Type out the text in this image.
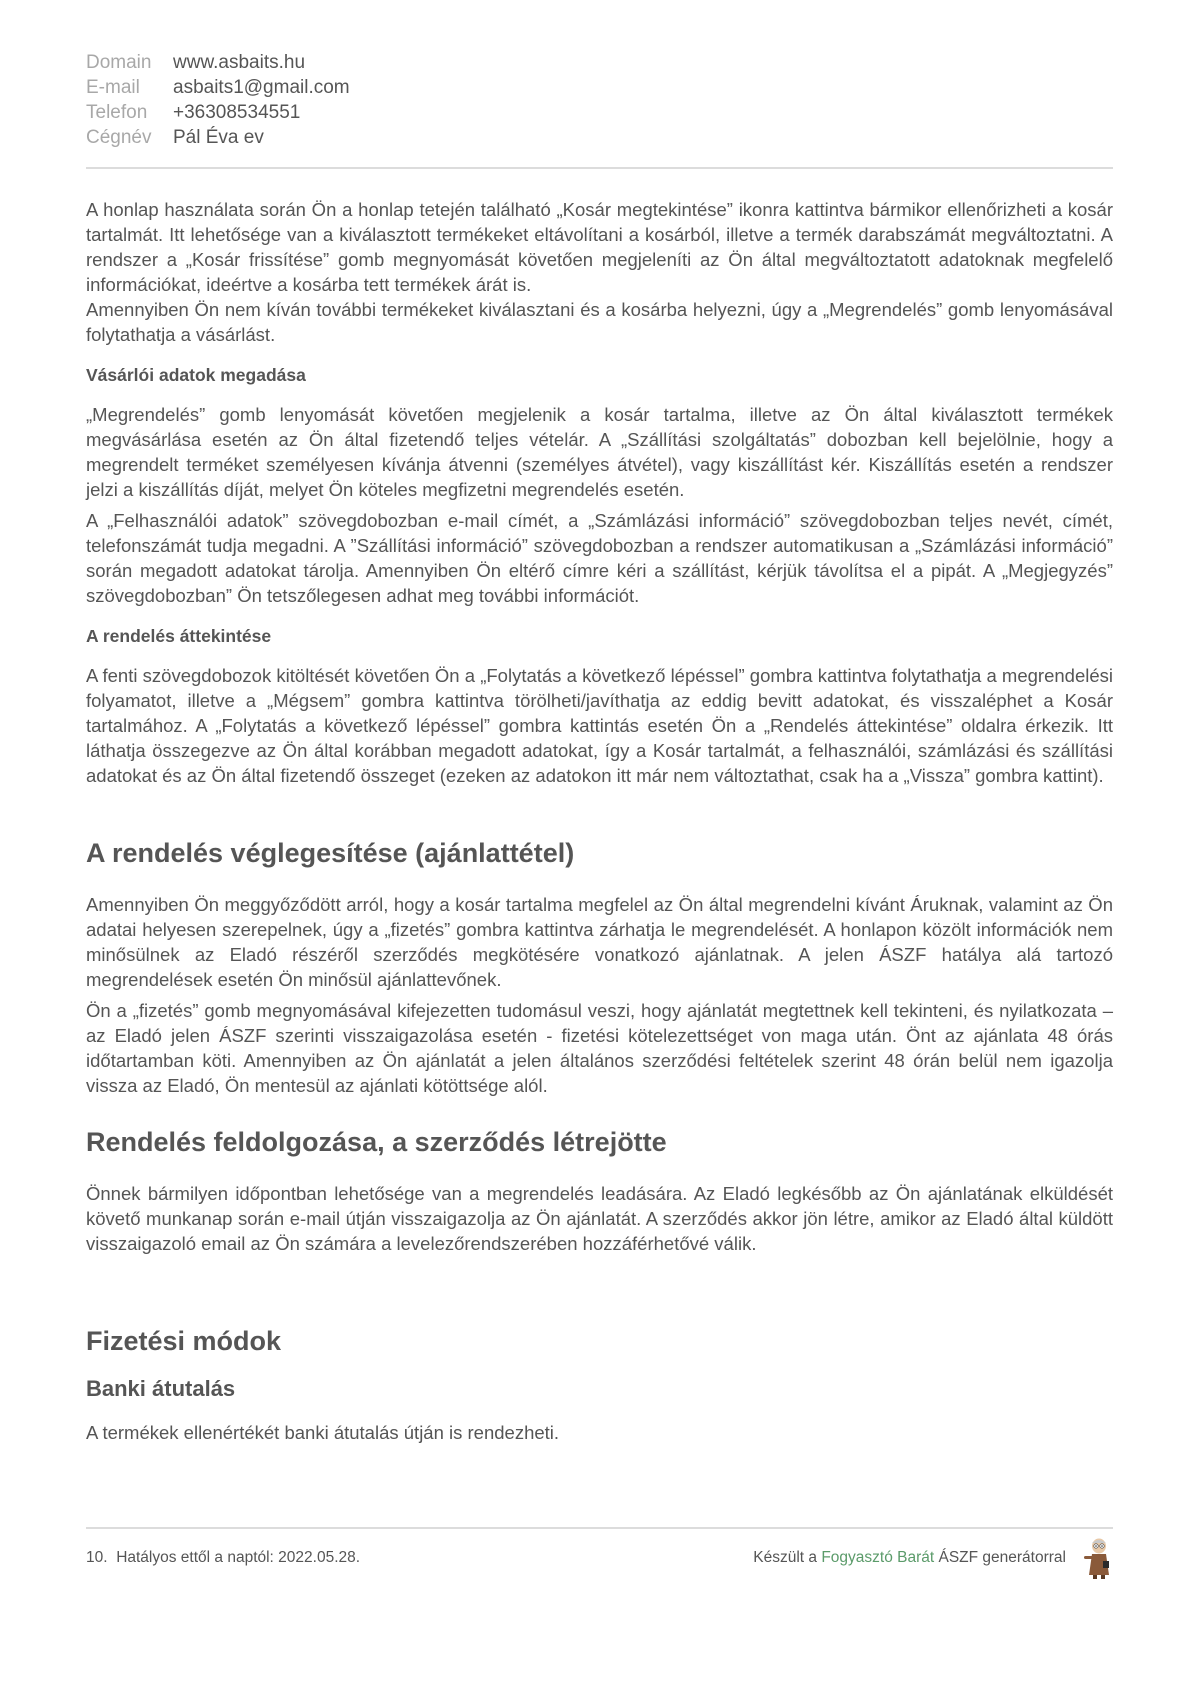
Domain	www.asbaits.hu
E-mail	asbaits1@gmail.com
Telefon	+36308534551
Cégnév	Pál Éva ev

A honlap használata során Ön a honlap tetején található „Kosár megtekintése” ikonra kattintva bármikor ellenőrizheti a kosár tartalmát. Itt lehetősége van a kiválasztott termékeket eltávolítani a kosárból, illetve a termék darabszámát megváltoztatni. A rendszer a „Kosár frissítése” gomb megnyomását követően megjeleníti az Ön által megváltoztatott adatoknak megfelelő információkat, ideértve a kosárba tett termékek árát is.

Amennyiben Ön nem kíván további termékeket kiválasztani és a kosárba helyezni, úgy a „Megrendelés” gomb lenyomásával folytathatja a vásárlást.

Vásárlói adatok megadása

„Megrendelés” gomb lenyomását követően megjelenik a kosár tartalma, illetve az Ön által kiválasztott termékek megvásárlása esetén az Ön által fizetendő teljes vételár. A „Szállítási szolgáltatás” dobozban kell bejelölnie, hogy a megrendelt terméket személyesen kívánja átvenni (személyes átvétel), vagy kiszállítást kér. Kiszállítás esetén a rendszer jelzi a kiszállítás díját, melyet Ön köteles megfizetni megrendelés esetén.

A „Felhasználói adatok” szövegdobozban e-mail címét, a „Számlázási információ” szövegdobozban teljes nevét, címét, telefonszámát tudja megadni. A ”Szállítási információ” szövegdobozban a rendszer automatikusan a „Számlázási információ” során megadott adatokat tárolja. Amennyiben Ön eltérő címre kéri a szállítást, kérjük távolítsa el a pipát. A „Megjegyzés” szövegdobozban” Ön tetszőlegesen adhat meg további információt.

A rendelés áttekintése

A fenti szövegdobozok kitöltését követően Ön a „Folytatás a következő lépéssel” gombra kattintva folytathatja a megrendelési folyamatot, illetve a „Mégsem” gombra kattintva törölheti/javíthatja az eddig bevitt adatokat, és visszaléphet a Kosár tartalmához. A „Folytatás a következő lépéssel” gombra kattintás esetén Ön a „Rendelés áttekintése” oldalra érkezik. Itt láthatja összegezve az Ön által korábban megadott adatokat, így a Kosár tartalmát, a felhasználói, számlázási és szállítási adatokat és az Ön által fizetendő összeget (ezeken az adatokon itt már nem változtathat, csak ha a „Vissza” gombra kattint).

A rendelés véglegesítése (ajánlattétel)

Amennyiben Ön meggyőződött arról, hogy a kosár tartalma megfelel az Ön által megrendelni kívánt Áruknak, valamint az Ön adatai helyesen szerepelnek, úgy a „fizetés” gombra kattintva zárhatja le megrendelését. A honlapon közölt információk nem minősülnek az Eladó részéről szerződés megkötésére vonatkozó ajánlatnak. A jelen ÁSZF hatálya alá tartozó megrendelések esetén Ön minősül ajánlattevőnek.

Ön a „fizetés” gomb megnyomásával kifejezetten tudomásul veszi, hogy ajánlatát megtettnek kell tekinteni, és nyilatkozata – az Eladó jelen ÁSZF szerinti visszaigazolása esetén - fizetési kötelezettséget von maga után. Önt az ajánlata 48 órás időtartamban köti. Amennyiben az Ön ajánlatát a jelen általános szerződési feltételek szerint 48 órán belül nem igazolja vissza az Eladó, Ön mentesül az ajánlati kötöttsége alól.

Rendelés feldolgozása, a szerződés létrejötte

Önnek bármilyen időpontban lehetősége van a megrendelés leadására. Az Eladó legkésőbb az Ön ajánlatának elküldését követő munkanap során e-mail útján visszaigazolja az Ön ajánlatát. A szerződés akkor jön létre, amikor az Eladó által küldött visszaigazoló email az Ön számára a levelezőrendszerében hozzáférhetővé válik.

Fizetési módok
Banki átutalás

A termékek ellenértékét banki átutalás útján is rendezheti.

10. Hatályos ettől a naptól: 2022.05.28.	Készült a Fogyasztó Barát ÁSZF generátorral
